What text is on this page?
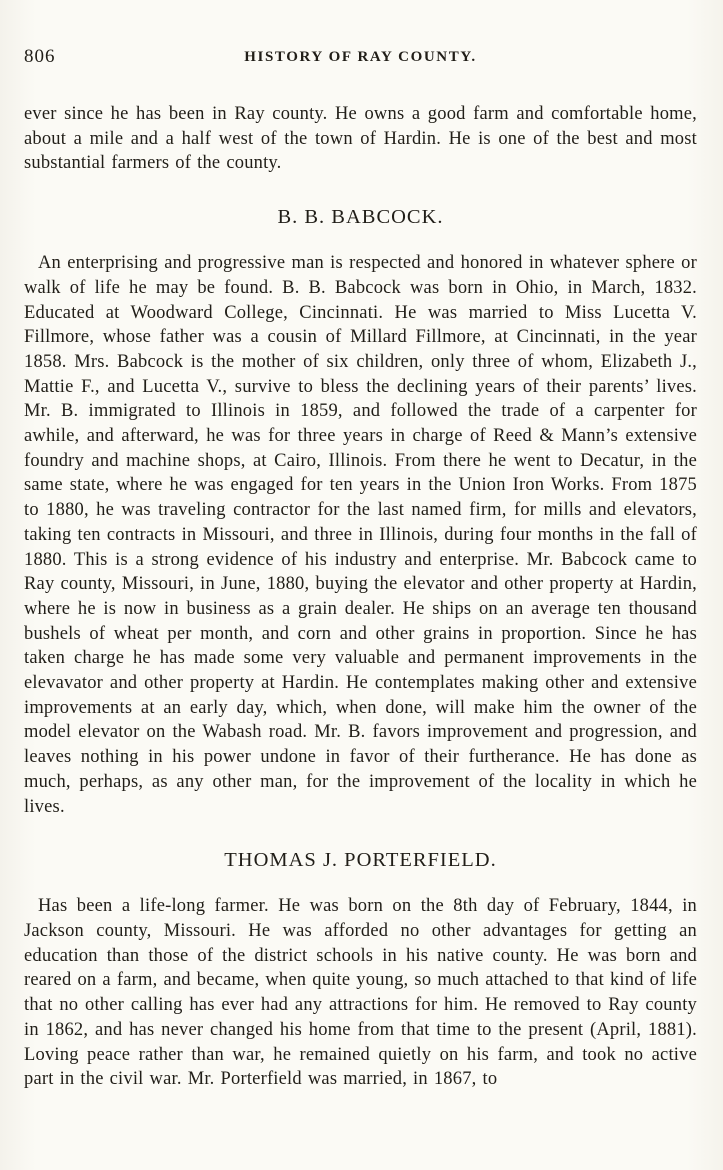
806	HISTORY OF RAY COUNTY.

ever since he has been in Ray county. He owns a good farm and comfortable home, about a mile and a half west of the town of Hardin. He is one of the best and most substantial farmers of the county.

B. B. BABCOCK.

An enterprising and progressive man is respected and honored in whatever sphere or walk of life he may be found. B. B. Babcock was born in Ohio, in March, 1832. Educated at Woodward College, Cincinnati. He was married to Miss Lucetta V. Fillmore, whose father was a cousin of Millard Fillmore, at Cincinnati, in the year 1858. Mrs. Babcock is the mother of six children, only three of whom, Elizabeth J., Mattie F., and Lucetta V., survive to bless the declining years of their parents’ lives. Mr. B. immigrated to Illinois in 1859, and followed the trade of a carpenter for awhile, and afterward, he was for three years in charge of Reed & Mann’s extensive foundry and machine shops, at Cairo, Illinois. From there he went to Decatur, in the same state, where he was engaged for ten years in the Union Iron Works. From 1875 to 1880, he was traveling contractor for the last named firm, for mills and elevators, taking ten contracts in Missouri, and three in Illinois, during four months in the fall of 1880. This is a strong evidence of his industry and enterprise. Mr. Babcock came to Ray county, Missouri, in June, 1880, buying the elevator and other property at Hardin, where he is now in business as a grain dealer. He ships on an average ten thousand bushels of wheat per month, and corn and other grains in proportion. Since he has taken charge he has made some very valuable and permanent improvements in the elevavator and other property at Hardin. He contemplates making other and extensive improvements at an early day, which, when done, will make him the owner of the model elevator on the Wabash road. Mr. B. favors improvement and progression, and leaves nothing in his power undone in favor of their furtherance. He has done as much, perhaps, as any other man, for the improvement of the locality in which he lives.

THOMAS J. PORTERFIELD.

Has been a life-long farmer. He was born on the 8th day of February, 1844, in Jackson county, Missouri. He was afforded no other advantages for getting an education than those of the district schools in his native county. He was born and reared on a farm, and became, when quite young, so much attached to that kind of life that no other calling has ever had any attractions for him. He removed to Ray county in 1862, and has never changed his home from that time to the present (April, 1881). Loving peace rather than war, he remained quietly on his farm, and took no active part in the civil war. Mr. Porterfield was married, in 1867, to
